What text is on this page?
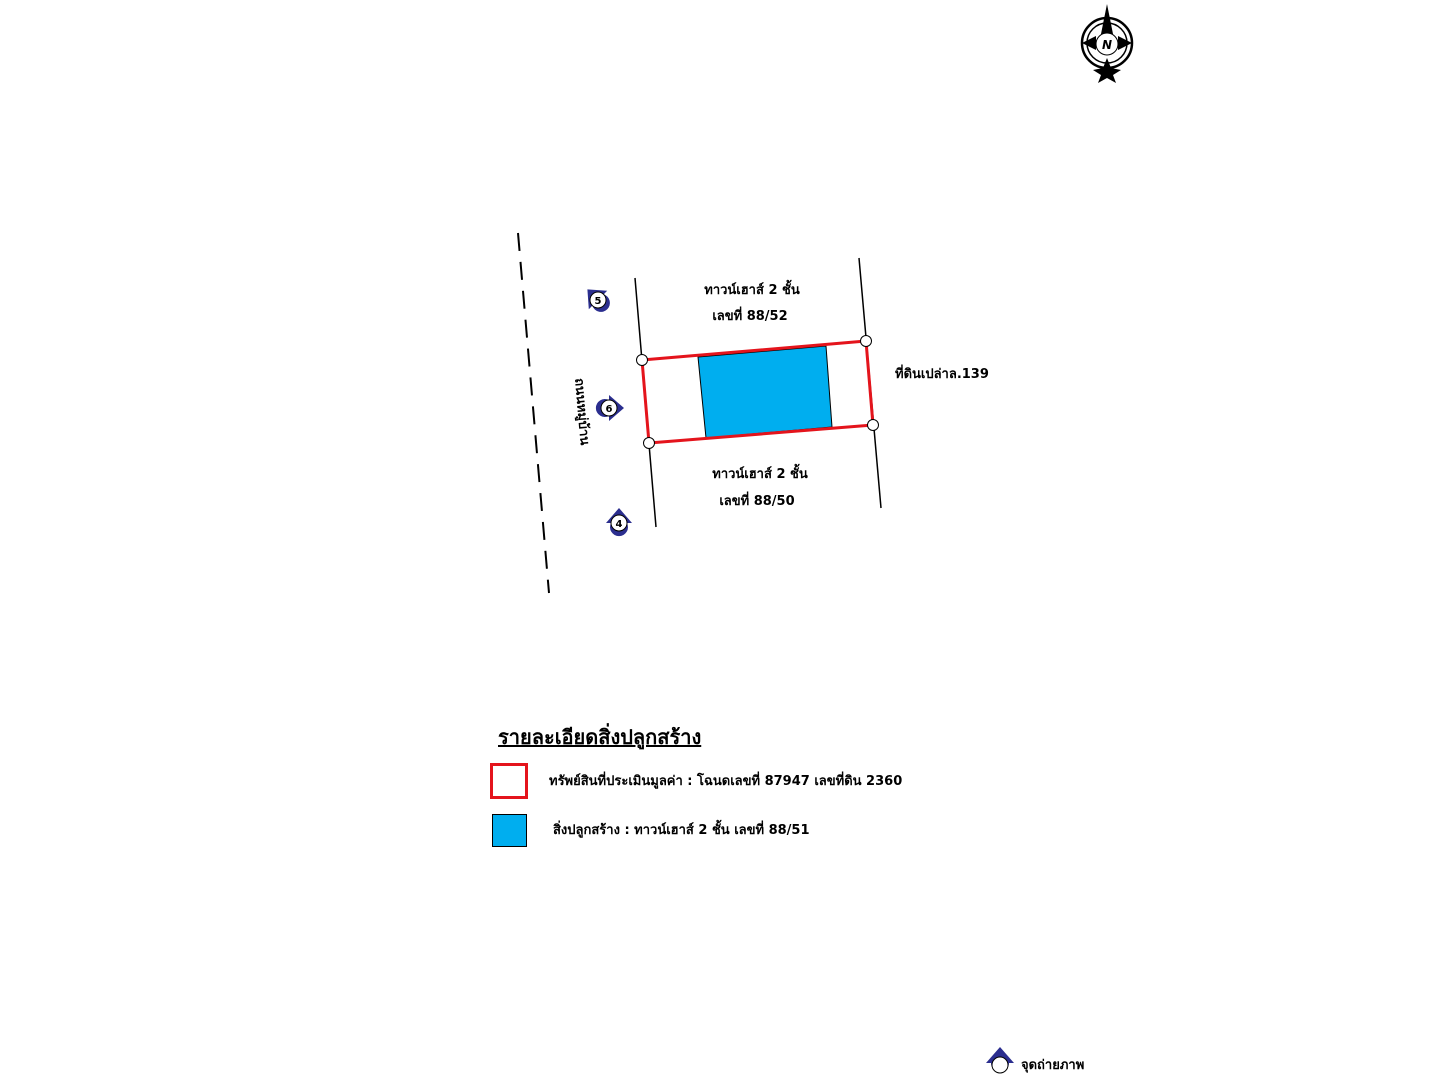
N
ถนนหมู่บ้าน
ทาวน์เฮาส์ 2 ชั้น
เลขที่ 88/52
ทาวน์เฮาส์ 2 ชั้น
เลขที่ 88/50
ที่ดินเปล่าล.139
5
6
4
รายละเอียดสิ่งปลูกสร้าง
ทรัพย์สินที่ประเมินมูลค่า : โฉนดเลขที่ 87947 เลขที่ดิน 2360
สิ่งปลูกสร้าง : ทาวน์เฮาส์ 2 ชั้น เลขที่ 88/51
จุดถ่ายภาพ
